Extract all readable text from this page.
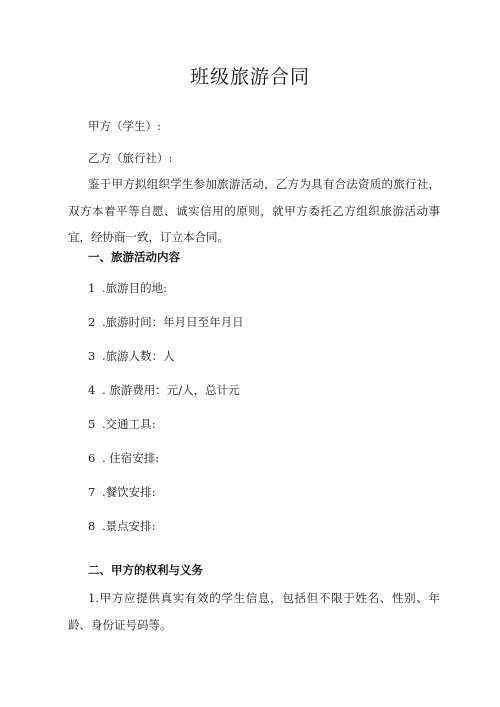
班级旅游合同
甲方（学生）:
乙方（旅行社）:
鉴于甲方拟组织学生参加旅游活动，乙方为具有合法资质的旅行社，双方本着平等自愿、诚实信用的原则，就甲方委托乙方组织旅游活动事宜，经协商一致，订立本合同。
一、旅游活动内容
1 .旅游目的地:
2 .旅游时间：年月日至年月日
3 .旅游人数：人
4 . 旅游费用：元/人，总计元
5 .交通工具:
6 . 住宿安排:
7 .餐饮安排:
8 .景点安排:
二、甲方的权利与义务
1.甲方应提供真实有效的学生信息，包括但不限于姓名、性别、年龄、身份证号码等。
